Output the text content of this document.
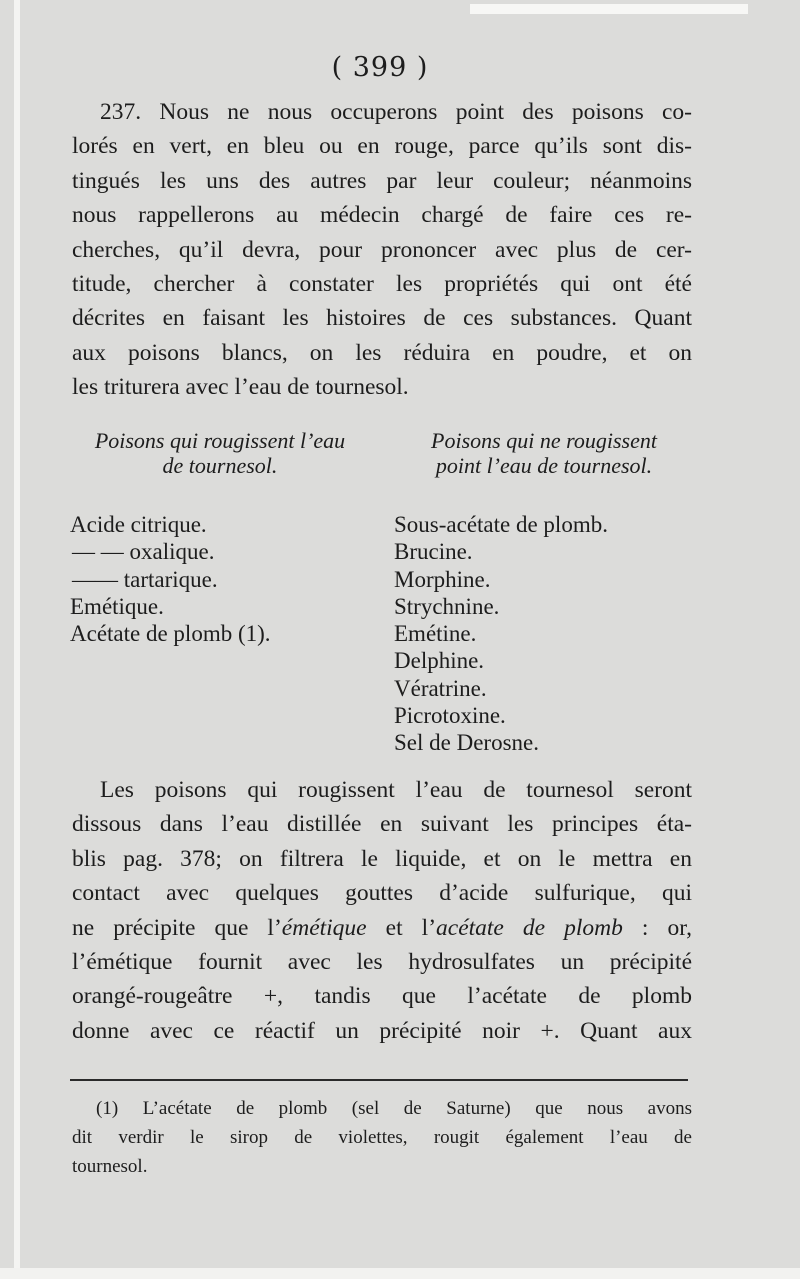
( 399 )
237. Nous ne nous occuperons point des poisons co-
lorés en vert, en bleu ou en rouge, parce qu’ils sont dis-
tingués les uns des autres par leur couleur; néanmoins
nous rappellerons au médecin chargé de faire ces re-
cherches, qu’il devra, pour prononcer avec plus de cer-
titude, chercher à constater les propriétés qui ont été
décrites en faisant les histoires de ces substances. Quant
aux poisons blancs, on les réduira en poudre, et on
les triturera avec l’eau de tournesol.
Poisons qui rougissent l’eau
de tournesol.
Poisons qui ne rougissent
point l’eau de tournesol.
Acide citrique.
— — oxalique.
—— tartarique.
Emétique.
Acétate de plomb (1).
Sous-acétate de plomb.
Brucine.
Morphine.
Strychnine.
Emétine.
Delphine.
Vératrine.
Picrotoxine.
Sel de Derosne.
Les poisons qui rougissent l’eau de tournesol seront
dissous dans l’eau distillée en suivant les principes éta-
blis pag. 378; on filtrera le liquide, et on le mettra en
contact avec quelques gouttes d’acide sulfurique, qui
ne précipite que l’émétique et l’acétate de plomb : or,
l’émétique fournit avec les hydrosulfates un précipité
orangé-rougeâtre +, tandis que l’acétate de plomb
donne avec ce réactif un précipité noir +. Quant aux
(1) L’acétate de plomb (sel de Saturne) que nous avons
dit verdir le sirop de violettes, rougit également l’eau de
tournesol.
